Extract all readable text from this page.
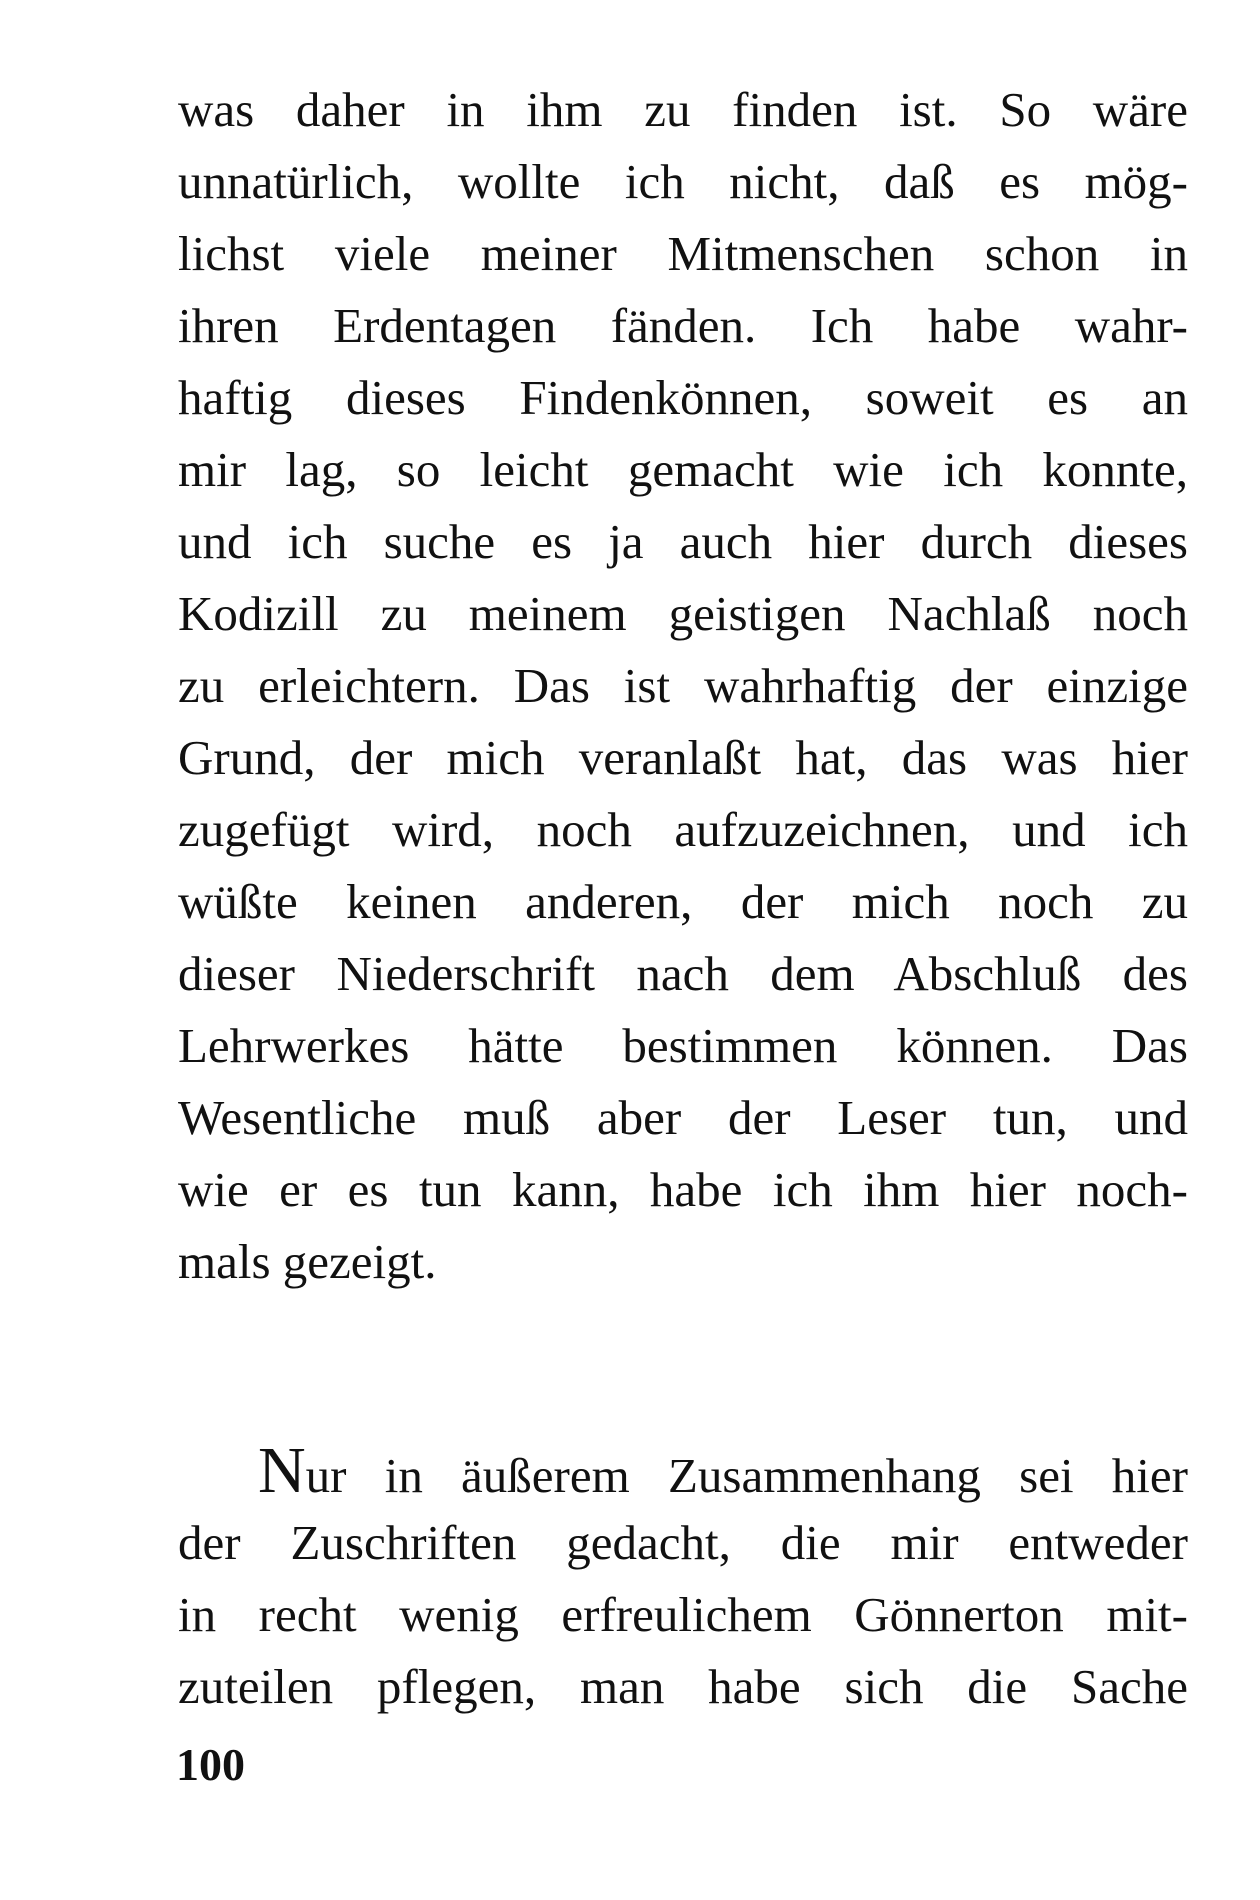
was daher in ihm zu finden ist. So wäre
unnatürlich, wollte ich nicht, daß es mög-
lichst viele meiner Mitmenschen schon in
ihren Erdentagen fänden. Ich habe wahr-
haftig dieses Findenkönnen, soweit es an
mir lag, so leicht gemacht wie ich konnte,
und ich suche es ja auch hier durch dieses
Kodizill zu meinem geistigen Nachlaß noch
zu erleichtern. Das ist wahrhaftig der einzige
Grund, der mich veranlaßt hat, das was hier
zugefügt wird, noch aufzuzeichnen, und ich
wüßte keinen anderen, der mich noch zu
dieser Niederschrift nach dem Abschluß des
Lehrwerkes hätte bestimmen können. Das
Wesentliche muß aber der Leser tun, und
wie er es tun kann, habe ich ihm hier noch-
mals gezeigt.
Nur in äußerem Zusammenhang sei hier
der Zuschriften gedacht, die mir entweder
in recht wenig erfreulichem Gönnerton mit-
zuteilen pflegen, man habe sich die Sache
100
